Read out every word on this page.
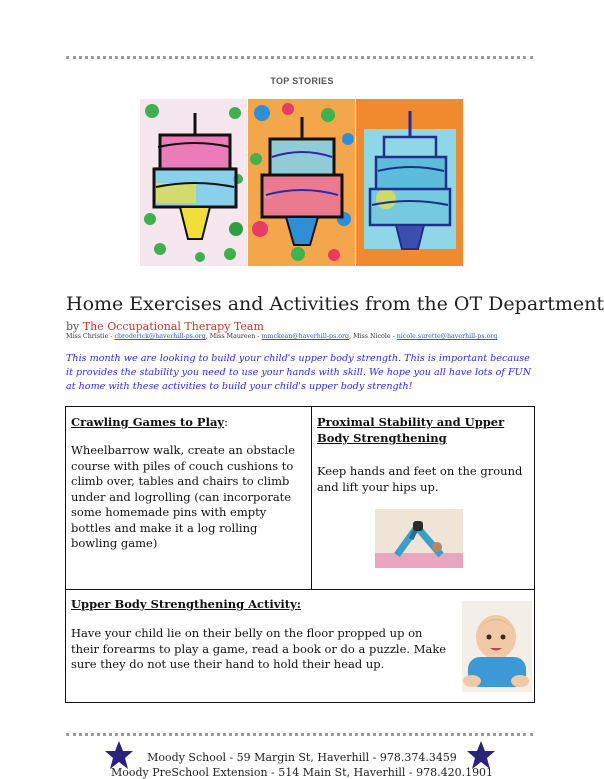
TOP STORIES
Home Exercises and Activities from the OT Department
by The Occupational Therapy Team
Miss Christie - cbroderick@haverhill-ps.org, Miss Maureen - mmckean@haverhill-ps.org, Miss Nicole - nicole.surette@haverhill-ps.org
This month we are looking to build your child's upper body strength. This is important because it provides the stability you need to use your hands with skill. We hope you all have lots of FUN at home with these activities to build your child's upper body strength!
Crawling Games to Play:
Wheelbarrow walk, create an obstacle course with piles of couch cushions to climb over, tables and chairs to climb under and logrolling (can incorporate some homemade pins with empty bottles and make it a log rolling bowling game)
Proximal Stability and Upper Body Strengthening
Keep hands and feet on the ground and lift your hips up.
Upper Body Strengthening Activity:
Have your child lie on their belly on the floor propped up on their forearms to play a game, read a book or do a puzzle. Make sure they do not use their hand to hold their head up.
Moody School - 59 Margin St, Haverhill - 978.374.3459
Moody PreSchool Extension - 514 Main St, Haverhill - 978.420.1901
